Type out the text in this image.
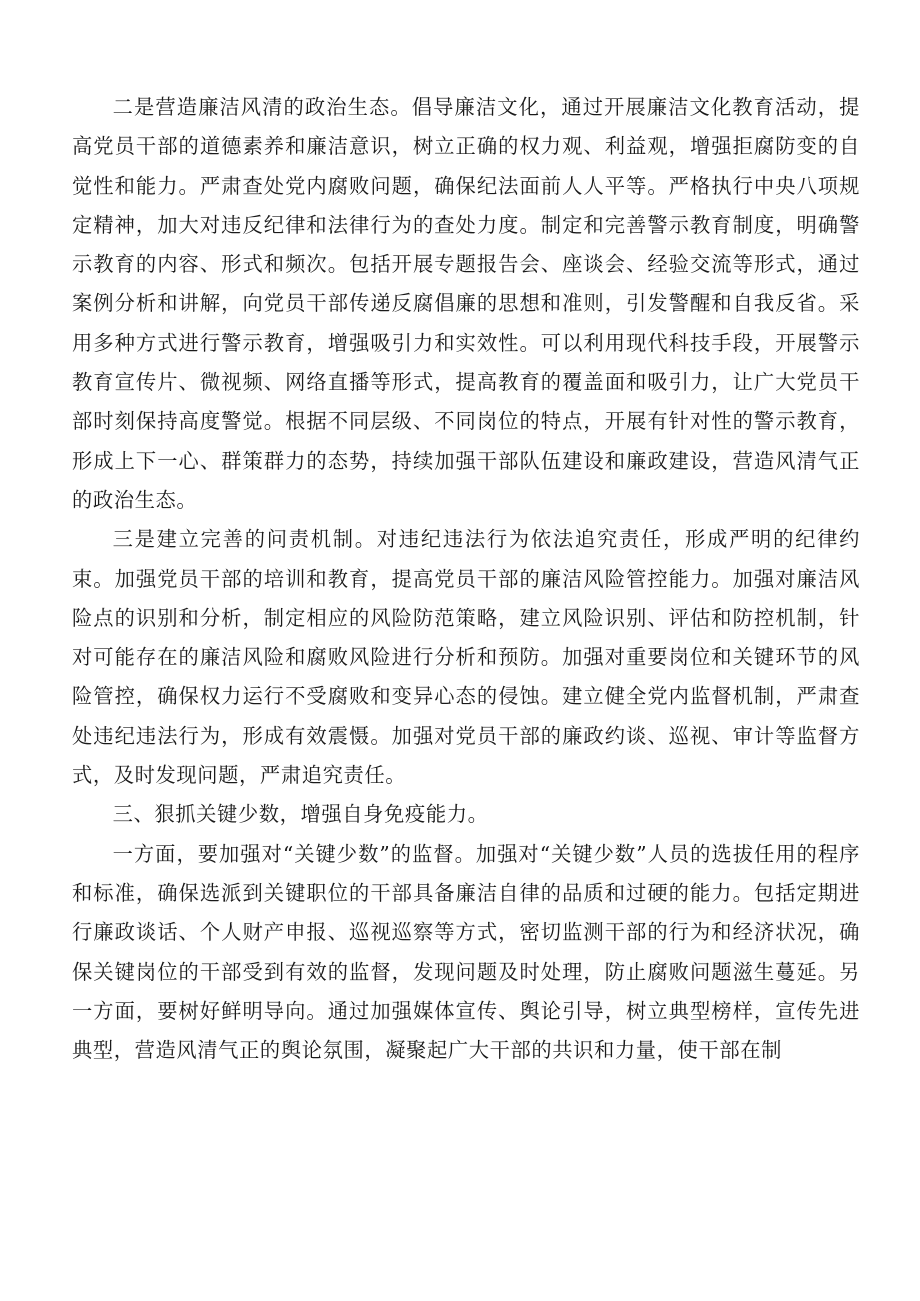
二是营造廉洁风清的政治生态。倡导廉洁文化，通过开展廉洁文化教育活动，提高党员干部的道德素养和廉洁意识，树立正确的权力观、利益观，增强拒腐防变的自觉性和能力。严肃查处党内腐败问题，确保纪法面前人人平等。严格执行中央八项规定精神，加大对违反纪律和法律行为的查处力度。制定和完善警示教育制度，明确警示教育的内容、形式和频次。包括开展专题报告会、座谈会、经验交流等形式，通过案例分析和讲解，向党员干部传递反腐倡廉的思想和准则，引发警醒和自我反省。采用多种方式进行警示教育，增强吸引力和实效性。可以利用现代科技手段，开展警示教育宣传片、微视频、网络直播等形式，提高教育的覆盖面和吸引力，让广大党员干部时刻保持高度警觉。根据不同层级、不同岗位的特点，开展有针对性的警示教育，形成上下一心、群策群力的态势，持续加强干部队伍建设和廉政建设，营造风清气正的政治生态。

三是建立完善的问责机制。对违纪违法行为依法追究责任，形成严明的纪律约束。加强党员干部的培训和教育，提高党员干部的廉洁风险管控能力。加强对廉洁风险点的识别和分析，制定相应的风险防范策略，建立风险识别、评估和防控机制，针对可能存在的廉洁风险和腐败风险进行分析和预防。加强对重要岗位和关键环节的风险管控，确保权力运行不受腐败和变异心态的侵蚀。建立健全党内监督机制，严肃查处违纪违法行为，形成有效震慑。加强对党员干部的廉政约谈、巡视、审计等监督方式，及时发现问题，严肃追究责任。

三、狠抓关键少数，增强自身免疫能力。

一方面，要加强对“关键少数”的监督。加强对“关键少数”人员的选拔任用的程序和标准，确保选派到关键职位的干部具备廉洁自律的品质和过硬的能力。包括定期进行廉政谈话、个人财产申报、巡视巡察等方式，密切监测干部的行为和经济状况，确保关键岗位的干部受到有效的监督，发现问题及时处理，防止腐败问题滋生蔓延。另一方面，要树好鲜明导向。通过加强媒体宣传、舆论引导，树立典型榜样，宣传先进典型，营造风清气正的舆论氛围，凝聚起广大干部的共识和力量，使干部在制
